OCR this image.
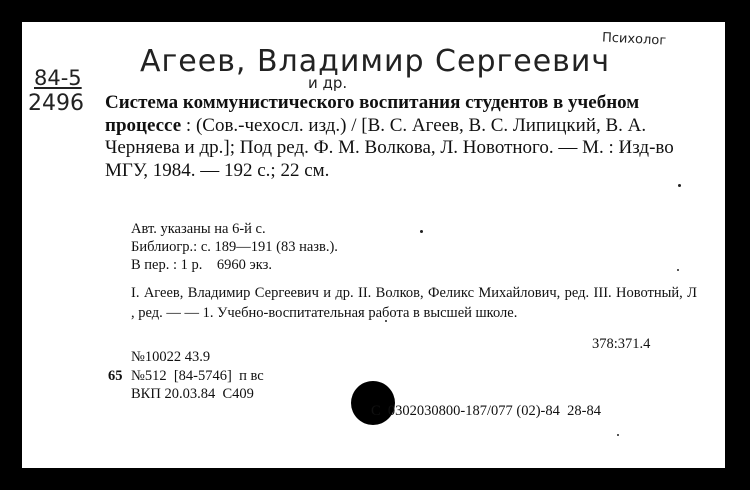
Психолог
Агеев, Владимир Сергеевич
и др.
84-5
2496 Система коммунистического воспитания студентов в учебном процессе : (Сов.-чехосл. изд.) / [В. С. Агеев, В. С. Липицкий, В. А. Черняева и др.]; Под ред. Ф. М. Волкова, Л. Новотного. — М. : Изд-во МГУ, 1984. — 192 с.; 22 см.
Авт. указаны на 6-й с.
Библиогр.: с. 189—191 (83 назв.).
В пер. : 1 р.    6960 экз.
I. Агеев, Владимир Сергеевич и др. II. Волков, Феликс Михайлович, ред. III. Новотный, Л          , ред. — — 1. Учебно-воспитательная работа в высшей школе.
378:371.4
№10022 43.9
65 №512  [84-5746]  п вс
ВКП 20.03.84  С409
С  0302030800-187/077 (02)-84  28-84
